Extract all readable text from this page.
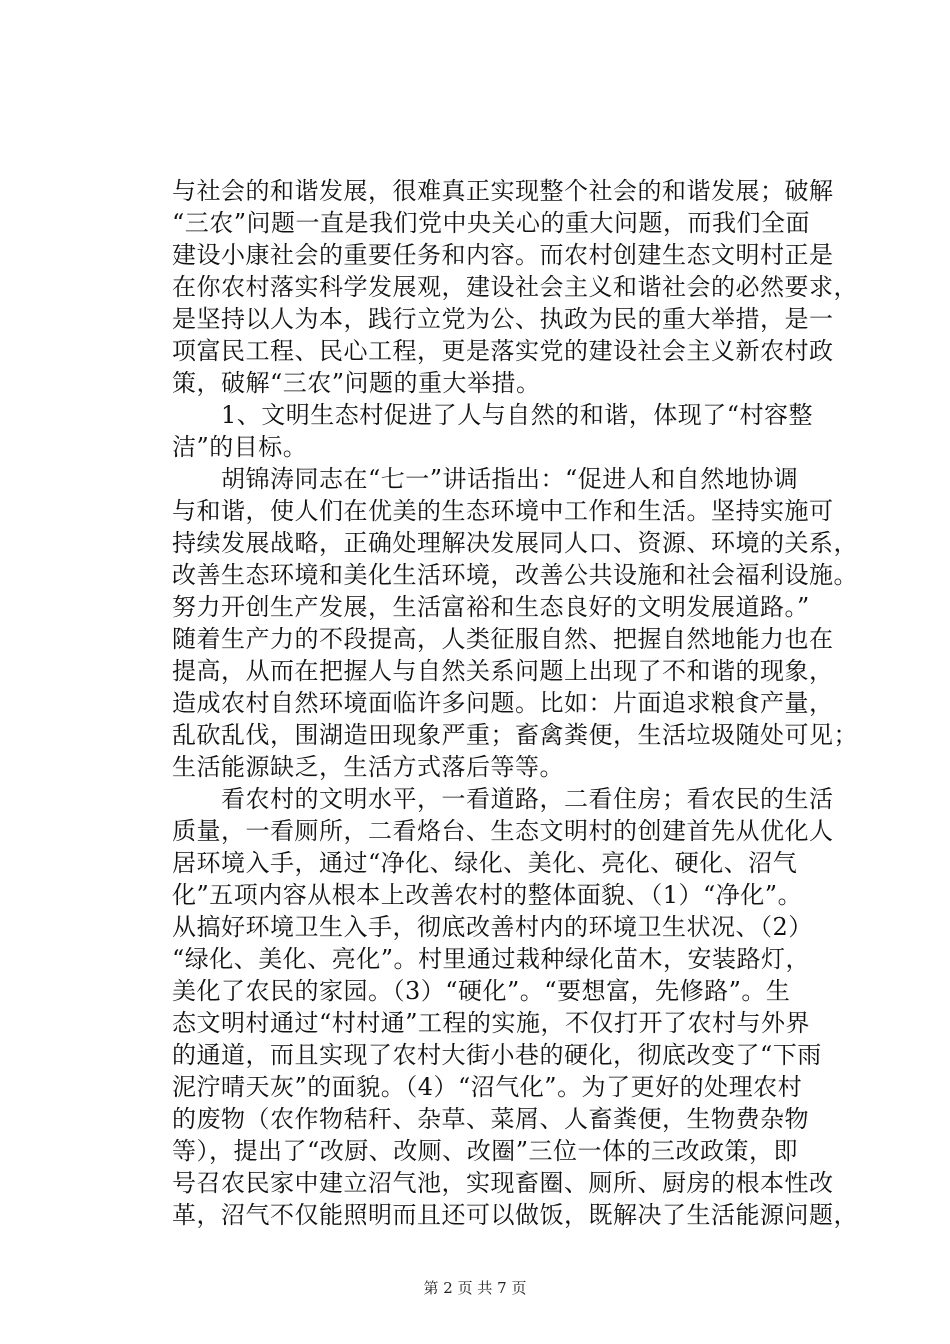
与社会的和谐发展，很难真正实现整个社会的和谐发展；破解
“三农”问题一直是我们党中央关心的重大问题，而我们全面
建设小康社会的重要任务和内容。而农村创建生态文明村正是
在你农村落实科学发展观，建设社会主义和谐社会的必然要求，
是坚持以人为本，践行立党为公、执政为民的重大举措，是一
项富民工程、民心工程，更是落实党的建设社会主义新农村政
策，破解“三农”问题的重大举措。
　　1、文明生态村促进了人与自然的和谐，体现了“村容整
洁”的目标。
　　胡锦涛同志在“七一”讲话指出：“促进人和自然地协调
与和谐，使人们在优美的生态环境中工作和生活。坚持实施可
持续发展战略，正确处理解决发展同人口、资源、环境的关系，
改善生态环境和美化生活环境，改善公共设施和社会福利设施。
努力开创生产发展，生活富裕和生态良好的文明发展道路。”
随着生产力的不段提高，人类征服自然、把握自然地能力也在
提高，从而在把握人与自然关系问题上出现了不和谐的现象，
造成农村自然环境面临许多问题。比如：片面追求粮食产量，
乱砍乱伐，围湖造田现象严重；畜禽粪便，生活垃圾随处可见；
生活能源缺乏，生活方式落后等等。
　　看农村的文明水平，一看道路，二看住房；看农民的生活
质量，一看厕所，二看烙台、生态文明村的创建首先从优化人
居环境入手，通过“净化、绿化、美化、亮化、硬化、沼气
化”五项内容从根本上改善农村的整体面貌、（1）“净化”。
从搞好环境卫生入手，彻底改善村内的环境卫生状况、（2）
“绿化、美化、亮化”。村里通过栽种绿化苗木，安装路灯，
美化了农民的家园。（3）“硬化”。“要想富，先修路”。生
态文明村通过“村村通”工程的实施，不仅打开了农村与外界
的通道，而且实现了农村大街小巷的硬化，彻底改变了“下雨
泥泞晴天灰”的面貌。（4）“沼气化”。为了更好的处理农村
的废物（农作物秸秆、杂草、菜屑、人畜粪便，生物费杂物
等），提出了“改厨、改厕、改圈”三位一体的三改政策，即
号召农民家中建立沼气池，实现畜圈、厕所、厨房的根本性改
革，沼气不仅能照明而且还可以做饭，既解决了生活能源问题，
第 2 页 共 7 页
